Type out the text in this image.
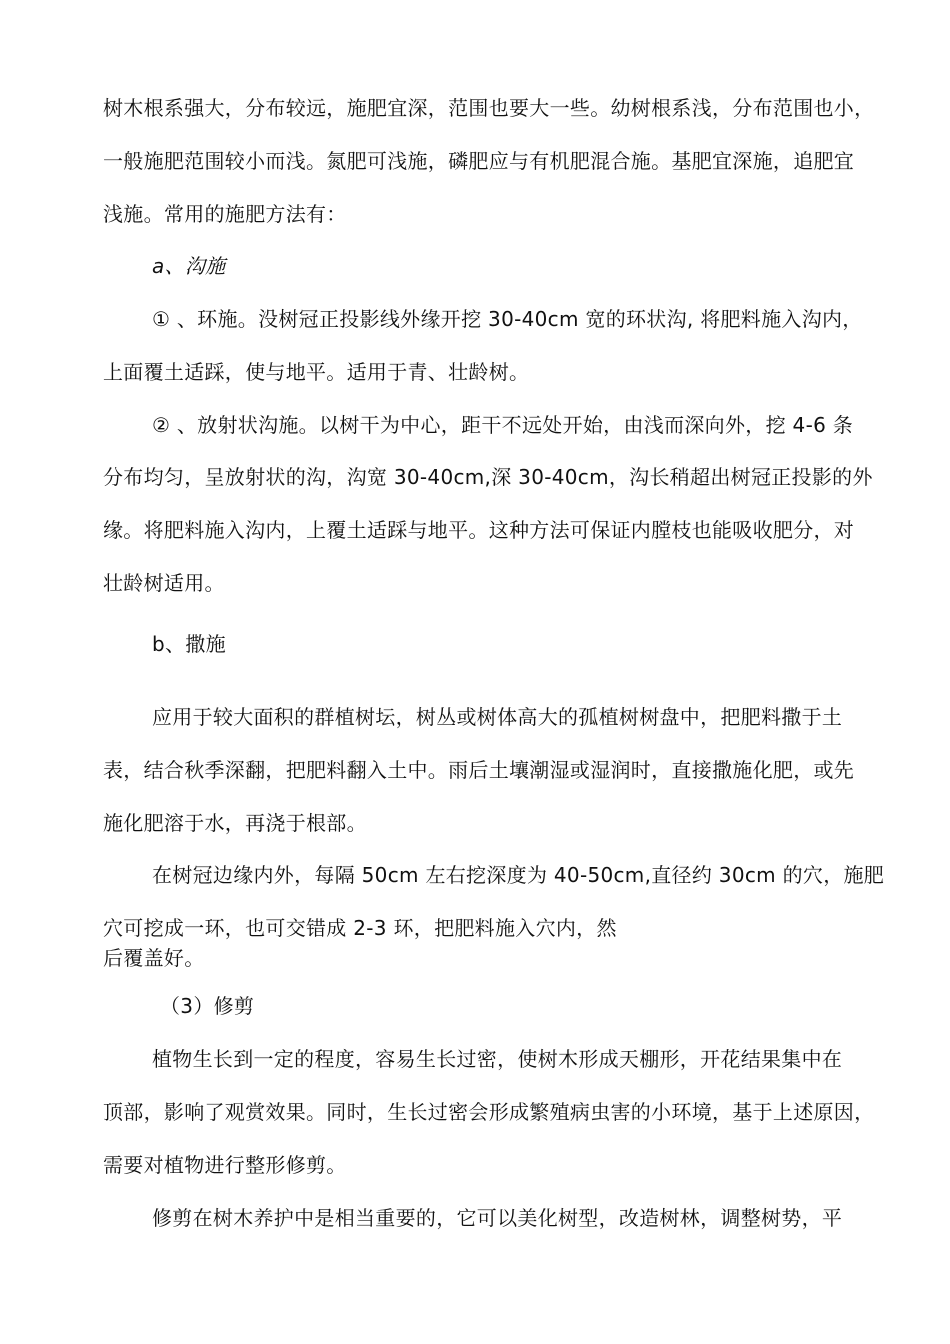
树木根系强大，分布较远，施肥宜深，范围也要大一些。幼树根系浅，分布范围也小，
一般施肥范围较小而浅。氮肥可浅施，磷肥应与有机肥混合施。基肥宜深施，追肥宜
浅施。常用的施肥方法有：
a、沟施
① 、环施。没树冠正投影线外缘开挖 30-40cm 宽的环状沟, 将肥料施入沟内，
上面覆土适踩，使与地平。适用于青、壮龄树。
② 、放射状沟施。以树干为中心，距干不远处开始，由浅而深向外，挖 4-6 条
分布均匀，呈放射状的沟，沟宽 30-40cm,深 30-40cm，沟长稍超出树冠正投影的外
缘。将肥料施入沟内，上覆土适踩与地平。这种方法可保证内膛枝也能吸收肥分，对
壮龄树适用。
b、撒施
应用于较大面积的群植树坛，树丛或树体高大的孤植树树盘中，把肥料撒于土
表，结合秋季深翻，把肥料翻入土中。雨后土壤潮湿或湿润时，直接撒施化肥，或先
施化肥溶于水，再浇于根部。
在树冠边缘内外，每隔 50cm 左右挖深度为 40-50cm,直径约 30cm 的穴，施肥
穴可挖成一环，也可交错成 2-3 环，把肥料施入穴内，然
后覆盖好。
（3）修剪
植物生长到一定的程度，容易生长过密，使树木形成天棚形，开花结果集中在
顶部，影响了观赏效果。同时，生长过密会形成繁殖病虫害的小环境，基于上述原因，
需要对植物进行整形修剪。
修剪在树木养护中是相当重要的，它可以美化树型，改造树林，调整树势，平
